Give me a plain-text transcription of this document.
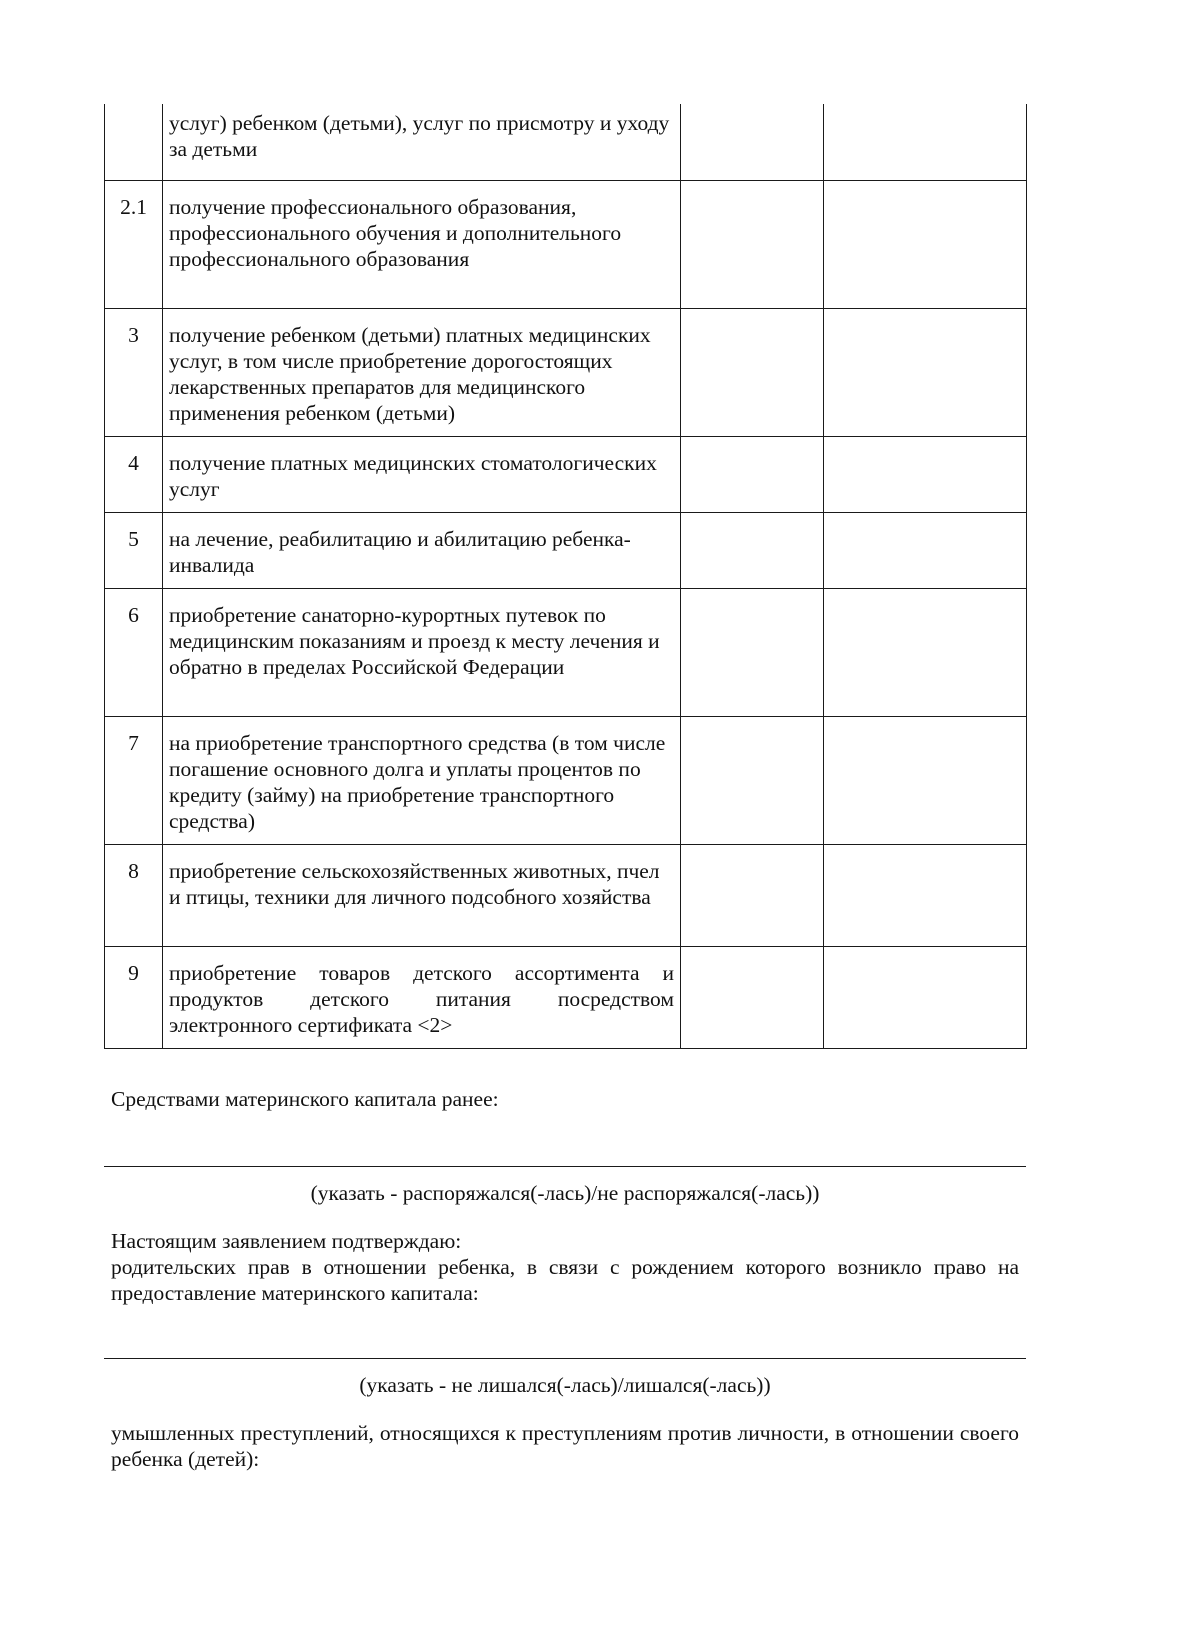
	услуг) ребенком (детьми), услуг по присмотру и уходу за детьми		
2.1	получение профессионального образования, профессионального обучения и дополнительного профессионального образования		
3	получение ребенком (детьми) платных медицинских услуг, в том числе приобретение дорогостоящих лекарственных препаратов для медицинского применения ребенком (детьми)		
4	получение платных медицинских стоматологических услуг		
5	на лечение, реабилитацию и абилитацию ребенка-инвалида		
6	приобретение санаторно-курортных путевок по медицинским показаниям и проезд к месту лечения и обратно в пределах Российской Федерации		
7	на приобретение транспортного средства (в том числе погашение основного долга и уплаты процентов по кредиту (займу) на приобретение транспортного средства)		
8	приобретение сельскохозяйственных животных, пчел и птицы, техники для личного подсобного хозяйства		
9	приобретение товаров детского ассортимента и продуктов детского питания посредством электронного сертификата <2>		
Средствами материнского капитала ранее:
(указать - распоряжался(-лась)/не распоряжался(-лась))
Настоящим заявлением подтверждаю:
родительских прав в отношении ребенка, в связи с рождением которого возникло право на предоставление материнского капитала:
(указать - не лишался(-лась)/лишался(-лась))
умышленных преступлений, относящихся к преступлениям против личности, в отношении своего ребенка (детей):
